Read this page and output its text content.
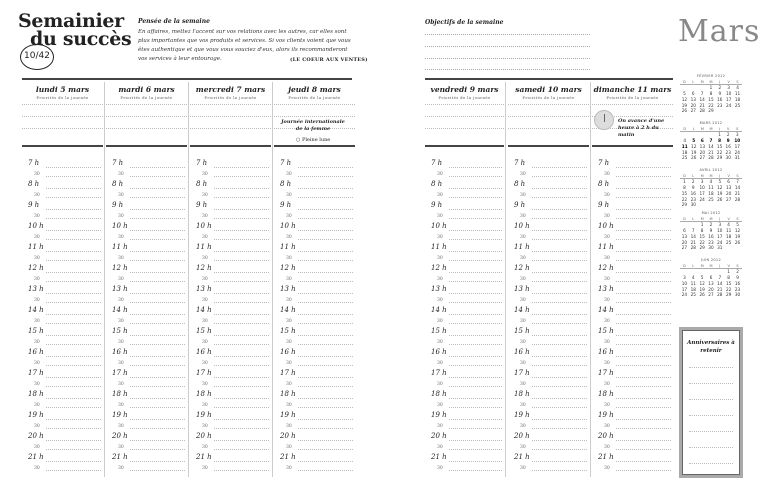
Semainier
du succès
10/42
Pensée de la semaine
En affaires, mettez l'accent sur vos relations avec les autres, car elles sont plus importantes que vos produits et services. Si vos clients voient que vous êtes authentique et que vous vous souciez d'eux, alors ils recommanderont vos services à leur entourage.	(LE COEUR AUX VENTES)
Objectifs de la semaine	Mars
lundi 5 mars
Priorités de la journée
7 h
30
8 h
30
9 h
30
10 h
30
11 h
30
12 h
30
13 h
30
14 h
30
15 h
30
16 h
30
17 h
30
18 h
30
19 h
30
20 h
30
21 h
30
mardi 6 mars
Priorités de la journée
7 h
30
8 h
30
9 h
30
10 h
30
11 h
30
12 h
30
13 h
30
14 h
30
15 h
30
16 h
30
17 h
30
18 h
30
19 h
30
20 h
30
21 h
30
mercredi 7 mars
Priorités de la journée
7 h
30
8 h
30
9 h
30
10 h
30
11 h
30
12 h
30
13 h
30
14 h
30
15 h
30
16 h
30
17 h
30
18 h
30
19 h
30
20 h
30
21 h
30
jeudi 8 mars
Priorités de la journée
7 h
30
8 h
30
9 h
30
10 h
30
11 h
30
12 h
30
13 h
30
14 h
30
15 h
30
16 h
30
17 h
30
18 h
30
19 h
30
20 h
30
21 h
30
vendredi 9 mars
Priorités de la journée
7 h
30
8 h
30
9 h
30
10 h
30
11 h
30
12 h
30
13 h
30
14 h
30
15 h
30
16 h
30
17 h
30
18 h
30
19 h
30
20 h
30
21 h
30
samedi 10 mars
Priorités de la journée
7 h
30
8 h
30
9 h
30
10 h
30
11 h
30
12 h
30
13 h
30
14 h
30
15 h
30
16 h
30
17 h
30
18 h
30
19 h
30
20 h
30
21 h
30
dimanche 11 mars
Priorités de la journée
7 h
30
8 h
30
9 h
30
10 h
30
11 h
30
12 h
30
13 h
30
14 h
30
15 h
30
16 h
30
17 h
30
18 h
30
19 h
30
20 h
30
21 h
30
Journée internationale de la femme
○ Pleine lune
On avance d'une heure à 2 h du matin
FÉVRIER 2012
D	L	M	M	J	V	S
			1	2	3	4
5	6	7	8	9	10	11
12	13	14	15	16	17	18
19	20	21	22	23	24	25
26	27	28	29			
MARS 2012
D	L	M	M	J	V	S
				1	2	3
4	5	6	7	8	9	10
11	12	13	14	15	16	17
18	19	20	21	22	23	24
25	26	27	28	29	30	31
AVRIL 2012
D	L	M	M	J	V	S
1	2	3	4	5	6	7
8	9	10	11	12	13	14
15	16	17	18	19	20	21
22	23	24	25	26	27	28
29	30					
MAI 2012
D	L	M	M	J	V	S
		1	2	3	4	5
6	7	8	9	10	11	12
13	14	15	16	17	18	19
20	21	22	23	24	25	26
27	28	29	30	31		
JUIN 2012
D	L	M	M	J	V	S
					1	2
3	4	5	6	7	8	9
10	11	12	13	14	15	16
17	18	19	20	21	22	23
24	25	26	27	28	29	30
Anniversaires à retenir
